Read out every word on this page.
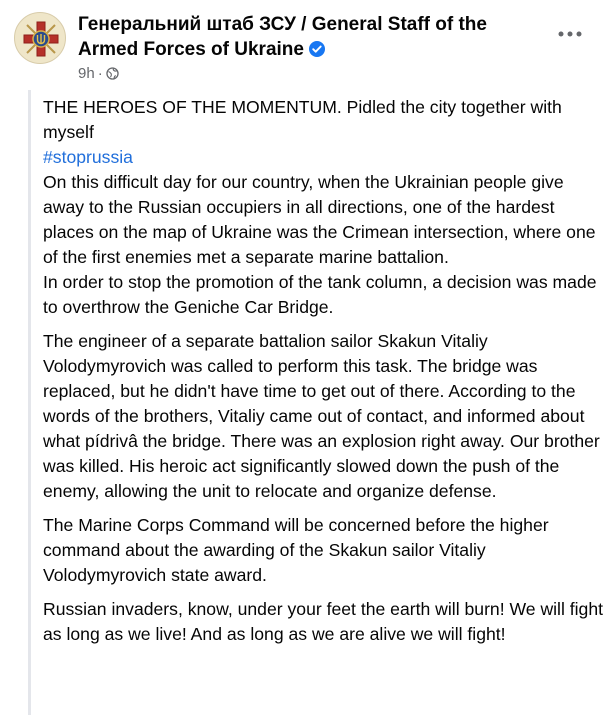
Генеральний штаб ЗСУ / General Staff of the Armed Forces of Ukraine
9h ·

THE HEROES OF THE MOMENTUM. Pidled the city together with myself

#stoprussia

On this difficult day for our country, when the Ukrainian people give away to the Russian occupiers in all directions, one of the hardest places on the map of Ukraine was the Crimean intersection, where one of the first enemies met a separate marine battalion.

In order to stop the promotion of the tank column, a decision was made to overthrow the Geniche Car Bridge.

The engineer of a separate battalion sailor Skakun Vitaliy Volodymyrovich was called to perform this task. The bridge was replaced, but he didn't have time to get out of there. According to the words of the brothers, Vitaliy came out of contact, and informed about what pídrivâ the bridge. There was an explosion right away. Our brother was killed. His heroic act significantly slowed down the push of the enemy, allowing the unit to relocate and organize defense.

The Marine Corps Command will be concerned before the higher command about the awarding of the Skakun sailor Vitaliy Volodymyrovich state award.

Russian invaders, know, under your feet the earth will burn! We will fight as long as we live! And as long as we are alive we will fight!
